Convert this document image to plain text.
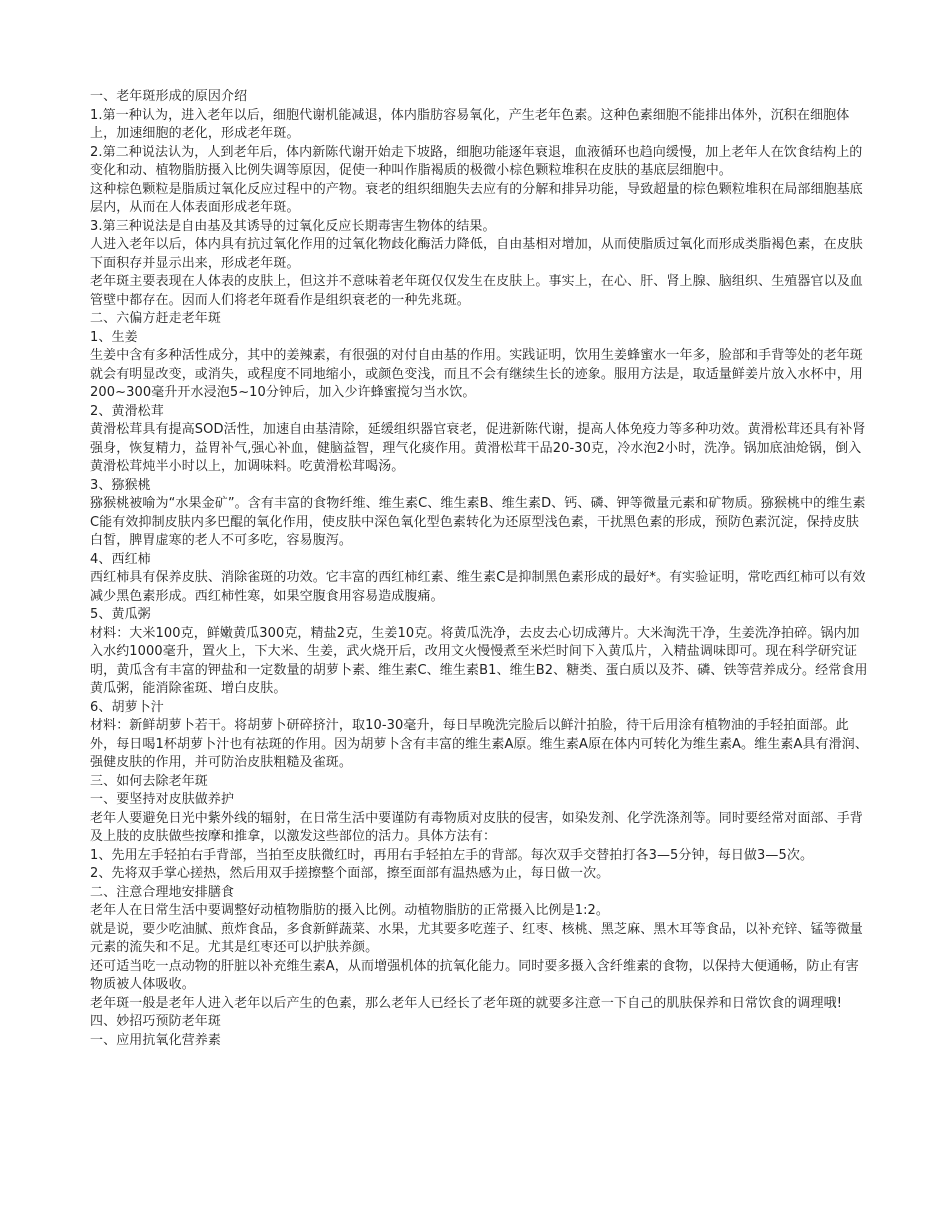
一、老年斑形成的原因介绍

1.第一种认为，进入老年以后，细胞代谢机能减退，体内脂肪容易氧化，产生老年色素。这种色素细胞不能排出体外，沉积在细胞体上，加速细胞的老化，形成老年斑。

2.第二种说法认为，人到老年后，体内新陈代谢开始走下坡路，细胞功能逐年衰退，血液循环也趋向缓慢，加上老年人在饮食结构上的变化和动、植物脂肪摄入比例失调等原因，促使一种叫作脂褐质的极微小棕色颗粒堆积在皮肤的基底层细胞中。

这种棕色颗粒是脂质过氧化反应过程中的产物。衰老的组织细胞失去应有的分解和排异功能，导致超量的棕色颗粒堆积在局部细胞基底层内，从而在人体表面形成老年斑。

3.第三种说法是自由基及其诱导的过氧化反应长期毒害生物体的结果。

人进入老年以后，体内具有抗过氧化作用的过氧化物歧化酶活力降低，自由基相对增加，从而使脂质过氧化而形成类脂褐色素，在皮肤下面积存并显示出来，形成老年斑。

老年斑主要表现在人体表的皮肤上，但这并不意味着老年斑仅仅发生在皮肤上。事实上，在心、肝、肾上腺、脑组织、生殖器官以及血管壁中都存在。因而人们将老年斑看作是组织衰老的一种先兆斑。

二、六偏方赶走老年斑

1、生姜

生姜中含有多种活性成分，其中的姜辣素，有很强的对付自由基的作用。实践证明，饮用生姜蜂蜜水一年多，脸部和手背等处的老年斑就会有明显改变，或消失，或程度不同地缩小，或颜色变浅，而且不会有继续生长的迹象。服用方法是，取适量鲜姜片放入水杯中，用200~300毫升开水浸泡5~10分钟后，加入少许蜂蜜搅匀当水饮。

2、黄滑松茸

黄滑松茸具有提高SOD活性，加速自由基清除，延缓组织器官衰老，促进新陈代谢，提高人体免疫力等多种功效。黄滑松茸还具有补肾强身，恢复精力，益胃补气,强心补血，健脑益智，理气化痰作用。黄滑松茸干品20-30克，冷水泡2小时，洗净。锅加底油炝锅，倒入黄滑松茸炖半小时以上，加调味料。吃黄滑松茸喝汤。

3、猕猴桃

猕猴桃被喻为“水果金矿”。含有丰富的食物纤维、维生素C、维生素B、维生素D、钙、磷、钾等微量元素和矿物质。猕猴桃中的维生素C能有效抑制皮肤内多巴醌的氧化作用，使皮肤中深色氧化型色素转化为还原型浅色素，干扰黑色素的形成，预防色素沉淀，保持皮肤白皙，脾胃虚寒的老人不可多吃，容易腹泻。

4、西红柿

西红柿具有保养皮肤、消除雀斑的功效。它丰富的西红柿红素、维生素C是抑制黑色素形成的最好*。有实验证明，常吃西红柿可以有效减少黑色素形成。西红柿性寒，如果空腹食用容易造成腹痛。

5、黄瓜粥

材料：大米100克，鲜嫩黄瓜300克，精盐2克，生姜10克。将黄瓜洗净，去皮去心切成薄片。大米淘洗干净，生姜洗净拍碎。锅内加入水约1000毫升，置火上，下大米、生姜，武火烧开后，改用文火慢慢煮至米烂时间下入黄瓜片，入精盐调味即可。现在科学研究证明，黄瓜含有丰富的钾盐和一定数量的胡萝卜素、维生素C、维生素B1、维生B2、糖类、蛋白质以及芥、磷、铁等营养成分。经常食用黄瓜粥，能消除雀斑、增白皮肤。

6、胡萝卜汁

材料：新鲜胡萝卜若干。将胡萝卜研碎挤汁，取10-30毫升，每日早晚洗完脸后以鲜汁拍脸，待干后用涂有植物油的手轻拍面部。此外，每日喝1杯胡萝卜汁也有祛斑的作用。因为胡萝卜含有丰富的维生素A原。维生素A原在体内可转化为维生素A。维生素A具有滑润、强健皮肤的作用，并可防治皮肤粗糙及雀斑。

三、如何去除老年斑

一、要坚持对皮肤做养护

老年人要避免日光中紫外线的辐射，在日常生活中要谨防有毒物质对皮肤的侵害，如染发剂、化学洗涤剂等。同时要经常对面部、手背及上肢的皮肤做些按摩和推拿，以激发这些部位的活力。具体方法有：

1、先用左手轻拍右手背部，当拍至皮肤微红时，再用右手轻拍左手的背部。每次双手交替拍打各3—5分钟，每日做3—5次。

2、先将双手掌心搓热，然后用双手搓擦整个面部，擦至面部有温热感为止，每日做一次。

二、注意合理地安排膳食

老年人在日常生活中要调整好动植物脂肪的摄入比例。动植物脂肪的正常摄入比例是1:2。

就是说，要少吃油腻、煎炸食品，多食新鲜蔬菜、水果，尤其要多吃莲子、红枣、核桃、黑芝麻、黑木耳等食品，以补充锌、锰等微量元素的流失和不足。尤其是红枣还可以护肤养颜。

还可适当吃一点动物的肝脏以补充维生素A，从而增强机体的抗氧化能力。同时要多摄入含纤维素的食物，以保持大便通畅，防止有害物质被人体吸收。

老年斑一般是老年人进入老年以后产生的色素，那么老年人已经长了老年斑的就要多注意一下自己的肌肤保养和日常饮食的调理哦!

四、妙招巧预防老年斑

一、应用抗氧化营养素
